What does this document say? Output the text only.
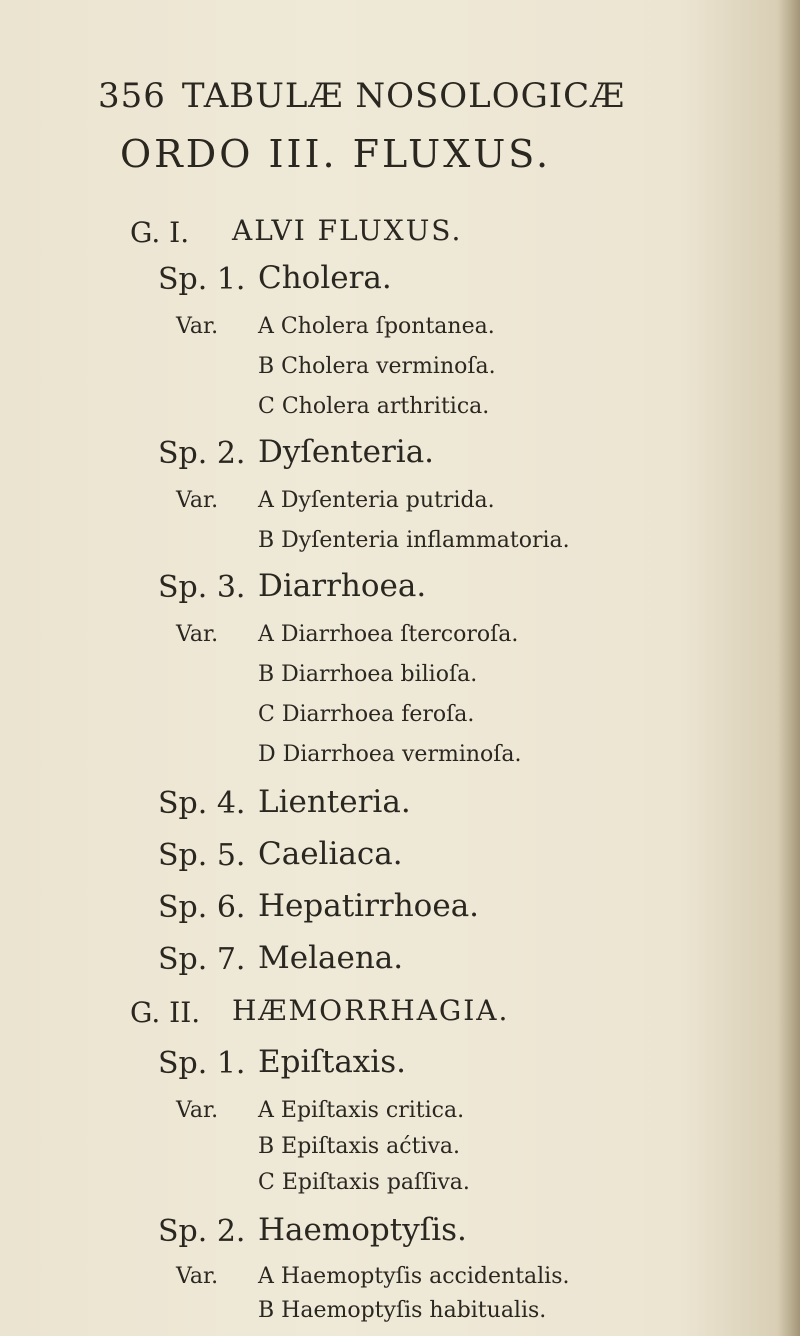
356 TABULÆ NOSOLOGICÆ
ORDO III. FLUXUS.
G. I. ALVI FLUXUS.
Sp. 1. Cholera.
Var. A Cholera ſpontanea.
B Cholera verminoſa.
C Cholera arthritica.
Sp. 2. Dyſenteria.
Var. A Dyſenteria putrida.
B Dyſenteria inflammatoria.
Sp. 3. Diarrhoea.
Var. A Diarrhoea ſtercoroſa.
B Diarrhoea bilioſa.
C Diarrhoea feroſa.
D Diarrhoea verminoſa.
Sp. 4. Lienteria.
Sp. 5. Caeliaca.
Sp. 6. Hepatirrhoea.
Sp. 7. Melaena.
G. II. HÆMORRHAGIA.
Sp. 1. Epiſtaxis.
Var. A Epiſtaxis critica.
B Epiſtaxis aćtiva.
C Epiſtaxis paſſiva.
Sp. 2. Haemoptyſis.
Var. A Haemoptyſis accidentalis.
B Haemoptyſis habitualis.
